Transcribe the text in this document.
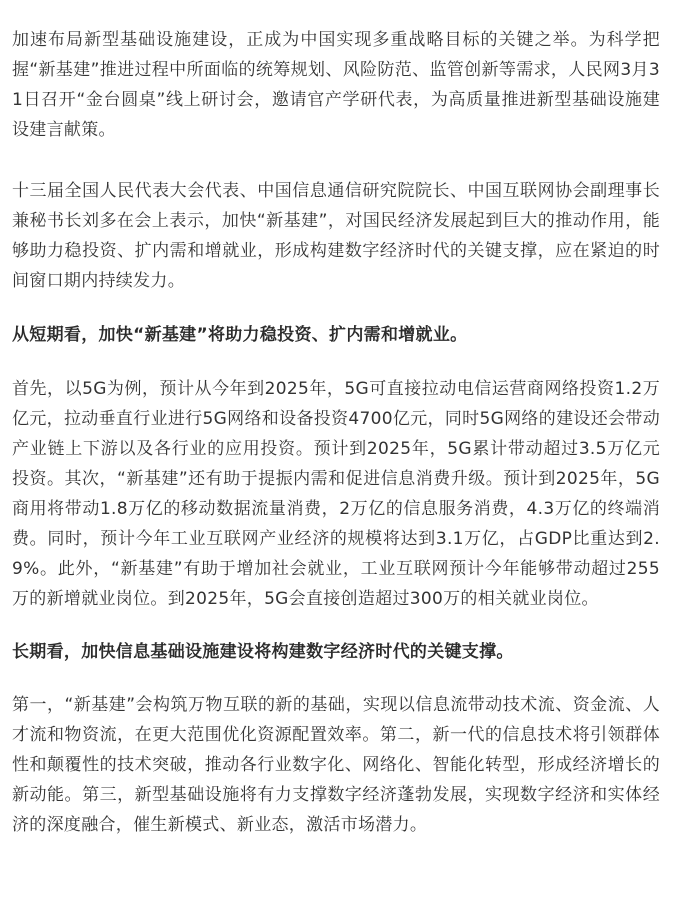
加速布局新型基础设施建设，正成为中国实现多重战略目标的关键之举。为科学把握“新基建”推进过程中所面临的统筹规划、风险防范、监管创新等需求，人民网3月31日召开“金台圆桌”线上研讨会，邀请官产学研代表，为高质量推进新型基础设施建设建言献策。

十三届全国人民代表大会代表、中国信息通信研究院院长、中国互联网协会副理事长兼秘书长刘多在会上表示，加快“新基建”，对国民经济发展起到巨大的推动作用，能够助力稳投资、扩内需和增就业，形成构建数字经济时代的关键支撑，应在紧迫的时间窗口期内持续发力。

从短期看，加快“新基建”将助力稳投资、扩内需和增就业。

首先，以5G为例，预计从今年到2025年，5G可直接拉动电信运营商网络投资1.2万亿元，拉动垂直行业进行5G网络和设备投资4700亿元，同时5G网络的建设还会带动产业链上下游以及各行业的应用投资。预计到2025年，5G累计带动超过3.5万亿元投资。其次，“新基建”还有助于提振内需和促进信息消费升级。预计到2025年，5G商用将带动1.8万亿的移动数据流量消费，2万亿的信息服务消费，4.3万亿的终端消费。同时，预计今年工业互联网产业经济的规模将达到3.1万亿，占GDP比重达到2.9%。此外，“新基建”有助于增加社会就业，工业互联网预计今年能够带动超过255万的新增就业岗位。到2025年，5G会直接创造超过300万的相关就业岗位。

长期看，加快信息基础设施建设将构建数字经济时代的关键支撑。

第一，“新基建”会构筑万物互联的新的基础，实现以信息流带动技术流、资金流、人才流和物资流，在更大范围优化资源配置效率。第二，新一代的信息技术将引领群体性和颠覆性的技术突破，推动各行业数字化、网络化、智能化转型，形成经济增长的新动能。第三，新型基础设施将有力支撑数字经济蓬勃发展，实现数字经济和实体经济的深度融合，催生新模式、新业态，激活市场潜力。
